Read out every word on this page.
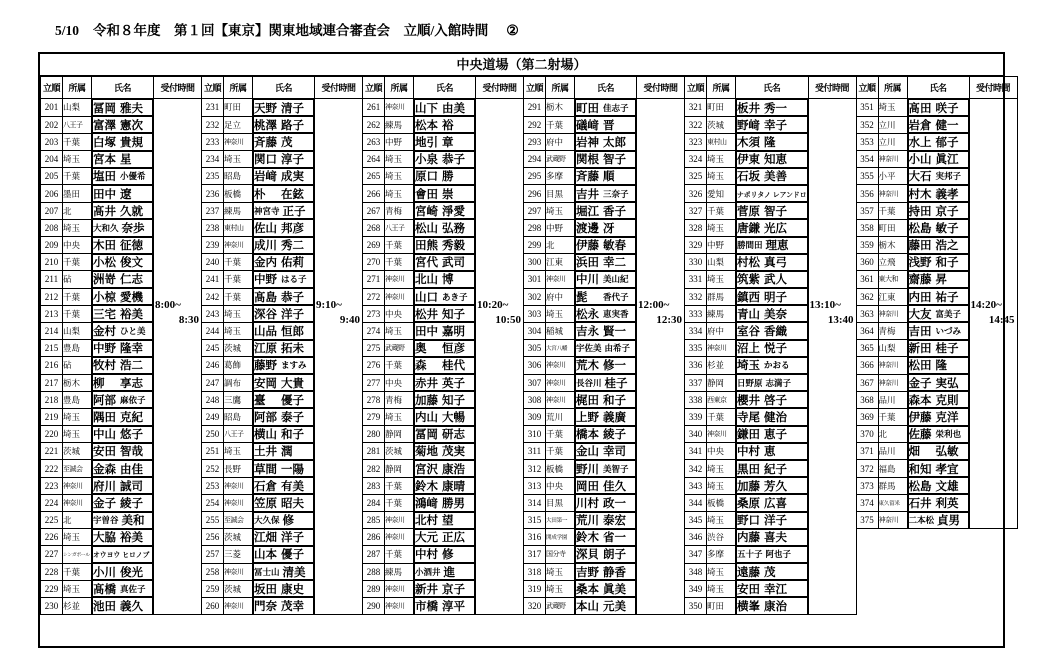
5/10 令和８年度　第１回【東京】関東地域連合審査会　立順/入館時間 ②
中央道場（第二射場）
立順	所属	氏名	受付時間
201	山梨	冨岡 雅夫
8:00~
8:30

202	八王子	富澤 憲次

203	千葉	白塚 貴規

204	埼玉	宮本 星

205	千葉	塩田 小優希

206	墨田	田中 遼

207	北	髙井 久就

208	埼玉	大和久 奈歩

209	中央	木田 征徳

210	千葉	小松 俊文

211	砧	洲嵜 仁志

212	千葉	小椋 愛機

213	千葉	三宅 裕美

214	山梨	金村 ひと美

215	豊島	中野 隆幸

216	砧	牧村 浩二

217	栃木	柳	享志

218	豊島	阿部 麻依子

219	埼玉	隅田 克紀

220	埼玉	中山 悠子

221	茨城	安田 智哉

222	至誠会	金森 由佳

223	神奈川	府川 誠司

224	神奈川	金子 綾子

225	北		宇曽谷 美和

226	埼玉	大脇 裕美

227	シンガポール	オウヨウ ヒロノブ

228	千葉	小川 俊光

229	埼玉	髙橋 真佐子

230	杉並	池田 義久
立順	所属	氏名	受付時間
231	町田	天野 清子
9:10~
9:40

232	足立	桃澤 路子

233	神奈川	斉藤 茂

234	埼玉	関口 淳子

235	昭島	岩﨑 成実

236	板橋	朴	在鉉

237	練馬	神宮寺 正子

238	東村山	佐山 邦彦

239	神奈川	成川 秀二

240	千葉	金内 佑莉

241	千葉	中野 はる子

242	千葉	髙島 恭子

243	埼玉	深谷 洋子

244	埼玉	山品 恒郎

245	茨城	江原 拓未

246	葛飾	藤野 ますみ

247	調布	安岡 大貴

248	三鷹	臺	優子

249	昭島	阿部 泰子

250	八王子	横山 和子

251	埼玉	土井 潤

252	長野	草間 一陽

253	神奈川	石倉 有美

254	神奈川	笠原 昭夫

255	至誠会	大久保 修

256	茨城	江畑 洋子

257	三菱	山本 優子

258	神奈川	冨士山 清美

259	茨城	坂田 康史

260	神奈川	門奈 茂幸
立順	所属	氏名	受付時間
261	神奈川	山下 由美
10:20~
10:50

262	練馬	松本 裕

263	中野	地引 章

264	埼玉	小泉 恭子

265	埼玉	原口 勝

266	埼玉	會田 崇

267	青梅	宮崎 淨愛

268	八王子	松山 弘務

269	千葉	田熊 秀毅

270	千葉	宮代 武司

271	神奈川	北山 博

272	神奈川	山口 あき子

273	中央	松井 知子

274	埼玉	田中 嘉明

275	武蔵野	奥	恒彦

276	千葉	森	桂代

277	中央	赤井 英子

278	青梅	加藤 知子

279	埼玉	内山 大暢

280	静岡	冨岡 研志

281	茨城	菊地 茂実

282	静岡	宮沢 康浩

283	千葉	鈴木 康晴

284	千葉	鴻﨑 勝男

285	神奈川	北村 望

286	神奈川	大元 正広

287	千葉	中村 修

288	練馬	小酒井 進

289	神奈川	新井 京子

290	神奈川	市橋 淳平
立順	所属	氏名	受付時間
291	栃木	町田 佳志子
12:00~
12:30

292	千葉	礒﨑 晋

293	府中	岩神 太郎

294	武蔵野	関根 智子

295	多摩	斉藤 順

296	目黒	吉井 三奈子

297	埼玉	堀江 香子

298	中野	渡邊 冴

299	北	伊藤 敏春

300	江東	浜田 幸二

301	神奈川	中川 美山紀

302	府中	髭	香代子

303	埼玉	松永 恵実香

304	稲城	吉永 賢一

305	大宮八幡	宇佐美 由希子

306	神奈川	荒木 修一

307	神奈川	長谷川 桂子

308	神奈川	梶田 和子

309	荒川	上野 義廣

310	千葉	橋本 綾子

311	千葉	金山 幸司

312	板橋	野川 美智子

313	中央	岡田 佳久

314	目黒	川村 政一

315	大田第一	荒川 泰宏

316	開成学園	鈴木 省一

317	国分寺	深貝 朗子

318	埼玉	吉野 静香

319	埼玉	桑本 眞美

320	武蔵野	本山 元美
立順	所属	氏名	受付時間
321	町田	板井 秀一
13:10~
13:40

322	茨城	野﨑 幸子

323	東村山	木須 隆

324	埼玉	伊東 知恵

325	埼玉	石坂 美善

326	愛知	ナポリタノ レアンドロ

327	千葉	菅原 智子

328	埼玉	唐鎌 光広

329	中野	勝間田 理恵

330	山梨	村松 真弓

331	埼玉	筑紫 武人

332	群馬	鎮西 明子

333	練馬	青山 美奈

334	府中	室谷 香織

335	神奈川	沼上 悦子

336	杉並	埼玉 かおる

337	静岡	日野原 志満子

338	西東京	櫻井 啓子

339	千葉	寺尾 健治

340	神奈川	鎌田 恵子

341	中央	中村 恵

342	埼玉	黒田 紀子

343	埼玉	加藤 芳久

344	板橋	桑原 広喜

345	埼玉	野口 洋子

346	渋谷	内藤 喜夫

347	多摩	五十子 阿也子

348	埼玉	遠藤 茂

349	埼玉	安田 幸江

350	町田	横峯 康治
立順	所属	氏名	受付時間
351	埼玉	髙田 咲子
14:20~
14:45

352	立川	岩倉 健一

353	立川	水上 郁子

354	神奈川	小山 眞江

355	小平	大石 実邦子

356	神奈川	村木 義孝

357	千葉	持田 京子

358	町田	松島 敏子

359	栃木	藤田 浩之

360	立飛	浅野 和子

361	東大和	齋藤 昇

362	江東	内田 祐子

363	神奈川	大友 富美子

364	青梅	吉田 いづみ

365	山梨	新田 桂子

366	神奈川	松田 隆

367	神奈川	金子 実弘

368	品川	森本 克則

369	千葉	伊藤 克洋

370	北	佐藤 栄利也

371	品川	畑	弘敏

372	福島	和知 孝宜

373	群馬	松島 文雄

374	東久留米	石井 利英

375	神奈川	二本松 貞男
